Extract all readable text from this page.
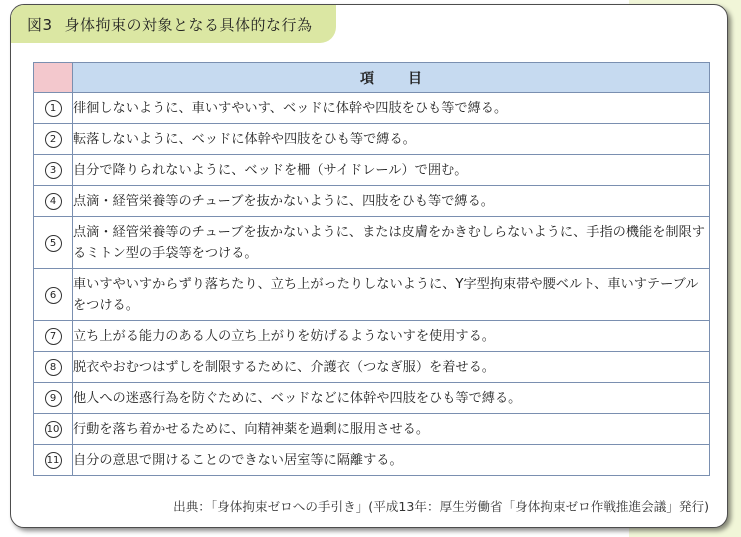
図3 身体拘束の対象となる具体的な行為
	項目
1	徘徊しないように、車いすやいす、ベッドに体幹や四肢をひも等で縛る。
2	転落しないように、ベッドに体幹や四肢をひも等で縛る。
3	自分で降りられないように、ベッドを柵（サイドレール）で囲む。
4	点滴・経管栄養等のチューブを抜かないように、四肢をひも等で縛る。
5	点滴・経管栄養等のチューブを抜かないように、または皮膚をかきむしらないように、手指の機能を制限するミトン型の手袋等をつける。
6	車いすやいすからずり落ちたり、立ち上がったりしないように、Y字型拘束帯や腰ベルト、車いすテーブルをつける。
7	立ち上がる能力のある人の立ち上がりを妨げるようないすを使用する。
8	脱衣やおむつはずしを制限するために、介護衣（つなぎ服）を着せる。
9	他人への迷惑行為を防ぐために、ベッドなどに体幹や四肢をひも等で縛る。
10	行動を落ち着かせるために、向精神薬を過剰に服用させる。
11	自分の意思で開けることのできない居室等に隔離する。
出典：「身体拘束ゼロへの手引き」(平成13年：厚生労働省「身体拘束ゼロ作戦推進会議」発行)
